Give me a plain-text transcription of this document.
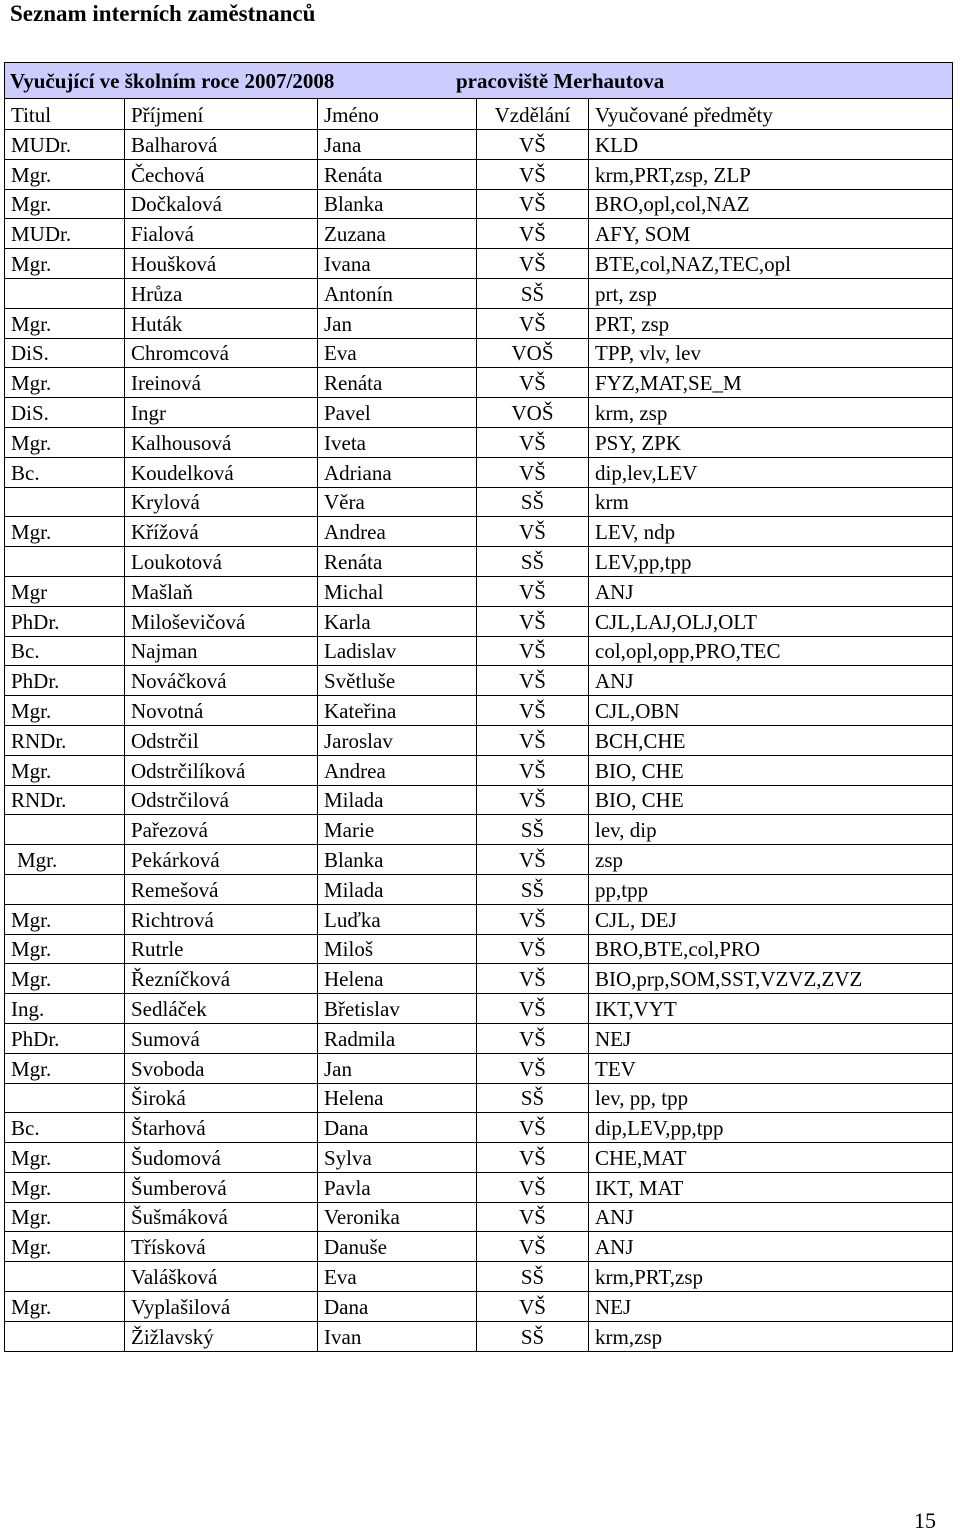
Seznam interních zaměstnanců
Vyučující ve školním roce 2007/2008 pracoviště Merhautova				
Titul	Příjmení	Jméno	Vzdělání	Vyučované předměty
MUDr.	Balharová	Jana	VŠ	KLD
Mgr.	Čechová	Renáta	VŠ	krm,PRT,zsp, ZLP
Mgr.	Dočkalová	Blanka	VŠ	BRO,opl,col,NAZ
MUDr.	Fialová	Zuzana	VŠ	AFY, SOM
Mgr.	Houšková	Ivana	VŠ	BTE,col,NAZ,TEC,opl
	Hrůza	Antonín	SŠ	prt, zsp
Mgr.	Huták	Jan	VŠ	PRT, zsp
DiS.	Chromcová	Eva	VOŠ	TPP, vlv, lev
Mgr.	Ireinová	Renáta	VŠ	FYZ,MAT,SE_M
DiS.	Ingr	Pavel	VOŠ	krm, zsp
Mgr.	Kalhousová	Iveta	VŠ	PSY, ZPK
Bc.	Koudelková	Adriana	VŠ	dip,lev,LEV
	Krylová	Věra	SŠ	krm
Mgr.	Křížová	Andrea	VŠ	LEV, ndp
	Loukotová	Renáta	SŠ	LEV,pp,tpp
Mgr	Mašlaň	Michal	VŠ	ANJ
PhDr.	Miloševičová	Karla	VŠ	CJL,LAJ,OLJ,OLT
Bc.	Najman	Ladislav	VŠ	col,opl,opp,PRO,TEC
PhDr.	Nováčková	Světluše	VŠ	ANJ
Mgr.	Novotná	Kateřina	VŠ	CJL,OBN
RNDr.	Odstrčil	Jaroslav	VŠ	BCH,CHE
Mgr.	Odstrčilíková	Andrea	VŠ	BIO, CHE
RNDr.	Odstrčilová	Milada	VŠ	BIO, CHE
	Pařezová	Marie	SŠ	lev, dip
Mgr.	Pekárková	Blanka	VŠ	zsp
	Remešová	Milada	SŠ	pp,tpp
Mgr.	Richtrová	Luďka	VŠ	CJL, DEJ
Mgr.	Rutrle	Miloš	VŠ	BRO,BTE,col,PRO
Mgr.	Řezníčková	Helena	VŠ	BIO,prp,SOM,SST,VZVZ,ZVZ
Ing.	Sedláček	Břetislav	VŠ	IKT,VYT
PhDr.	Sumová	Radmila	VŠ	NEJ
Mgr.	Svoboda	Jan	VŠ	TEV
	Široká	Helena	SŠ	lev, pp, tpp
Bc.	Štarhová	Dana	VŠ	dip,LEV,pp,tpp
Mgr.	Šudomová	Sylva	VŠ	CHE,MAT
Mgr.	Šumberová	Pavla	VŠ	IKT, MAT
Mgr.	Šušmáková	Veronika	VŠ	ANJ
Mgr.	Třísková	Danuše	VŠ	ANJ
	Valášková	Eva	SŠ	krm,PRT,zsp
Mgr.	Vyplašilová	Dana	VŠ	NEJ
	Žižlavský	Ivan	SŠ	krm,zsp
15
